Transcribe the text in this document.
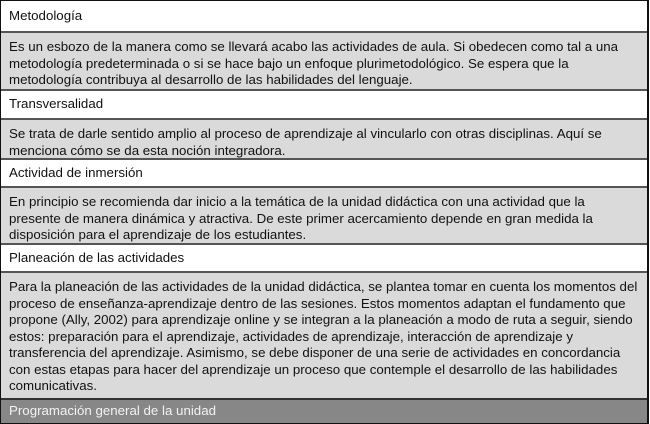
Metodología

Es un esbozo de la manera como se llevará acabo las actividades de aula. Si obedecen como tal a una metodología predeterminada o si se hace bajo un enfoque plurimetodológico. Se espera que la metodología contribuya al desarrollo de las habilidades del lenguaje.

Transversalidad

Se trata de darle sentido amplio al proceso de aprendizaje al vincularlo con otras disciplinas. Aquí se menciona cómo se da esta noción integradora.

Actividad de inmersión

En principio se recomienda dar inicio a la temática de la unidad didáctica con una actividad que la presente de manera dinámica y atractiva. De este primer acercamiento depende en gran medida la disposición para el aprendizaje de los estudiantes.

Planeación de las actividades

Para la planeación de las actividades de la unidad didáctica, se plantea tomar en cuenta los momentos del proceso de enseñanza-aprendizaje dentro de las sesiones. Estos momentos adaptan el fundamento que propone (Ally, 2002) para aprendizaje online y se integran a la planeación a modo de ruta a seguir, siendo estos: preparación para el aprendizaje, actividades de aprendizaje, interacción de aprendizaje y transferencia del aprendizaje. Asimismo, se debe disponer de una serie de actividades en concordancia con estas etapas para hacer del aprendizaje un proceso que contemple el desarrollo de las habilidades comunicativas.

Programación general de la unidad
